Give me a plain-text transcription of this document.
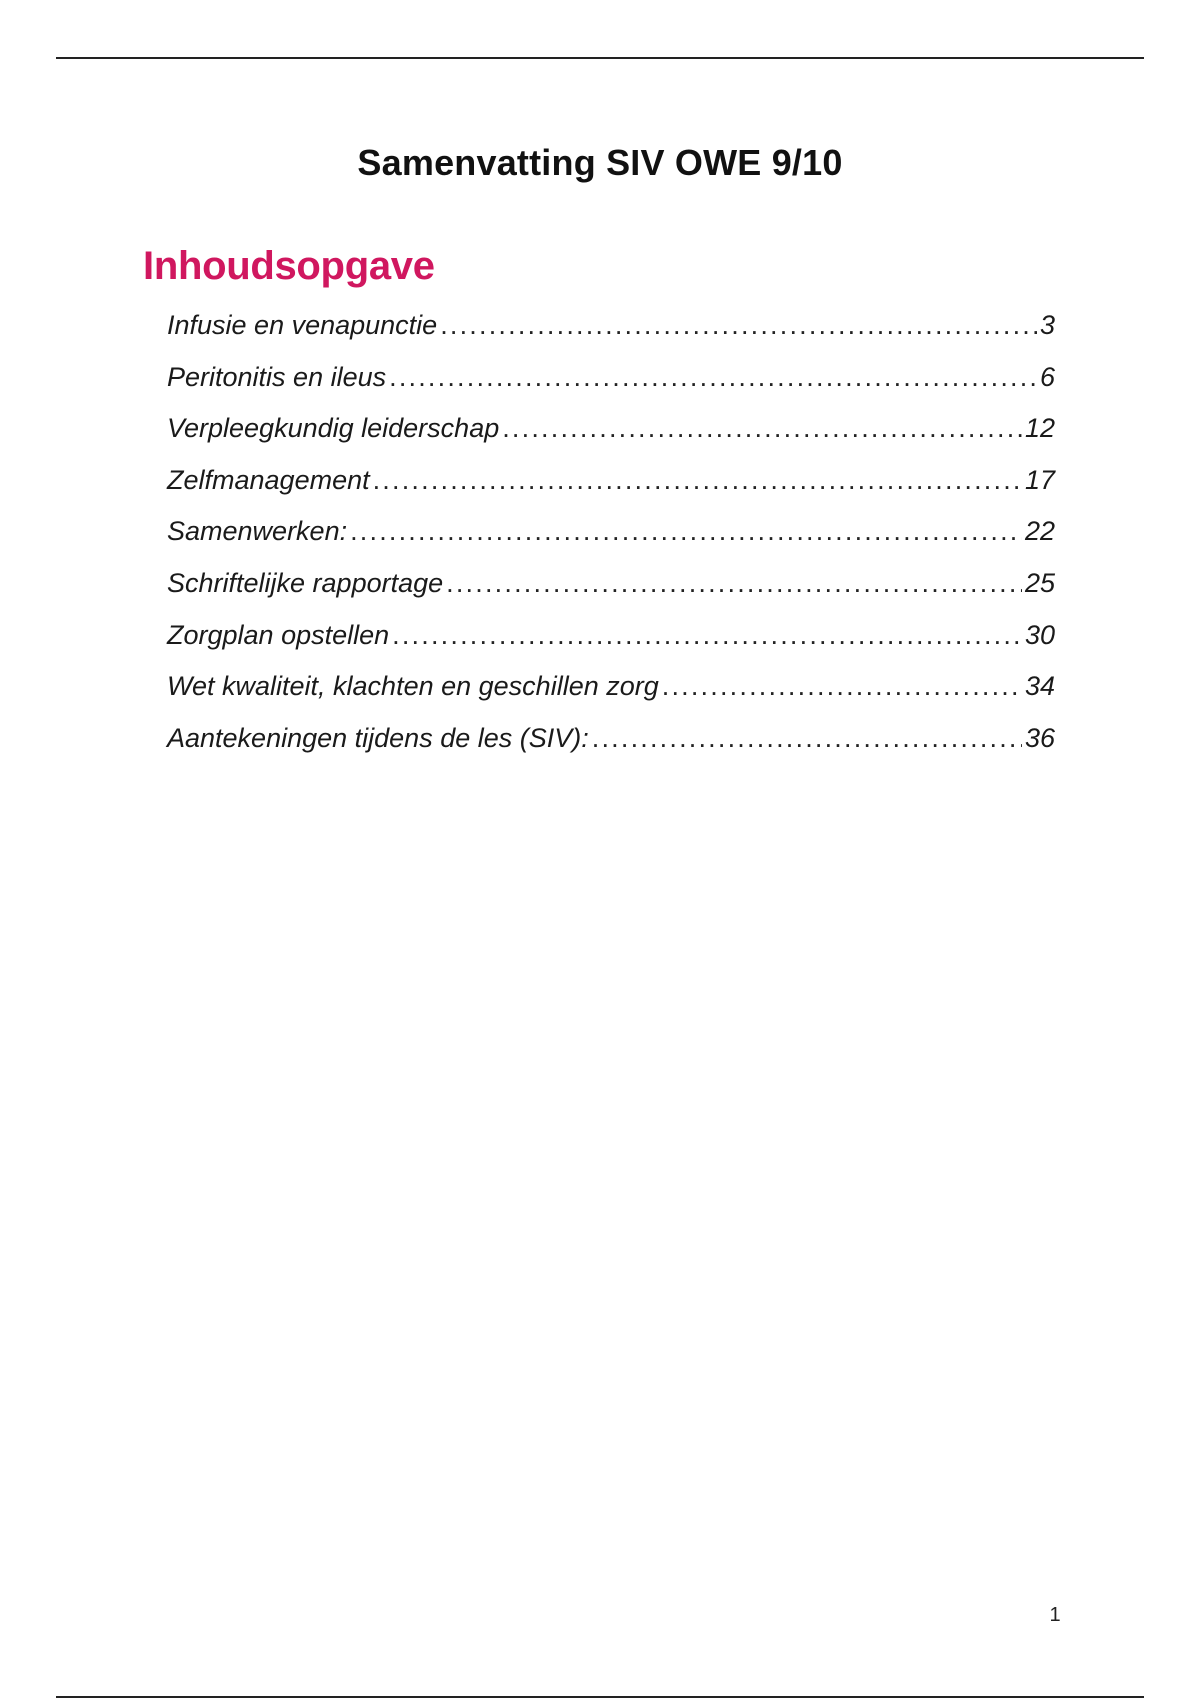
Samenvatting SIV OWE 9/10
Inhoudsopgave
Infusie en venapunctie .....	3
Peritonitis en ileus .....	6
Verpleegkundig leiderschap .....	12
Zelfmanagement .....	17
Samenwerken: .....	22
Schriftelijke rapportage .....	25
Zorgplan opstellen .....	30
Wet kwaliteit, klachten en geschillen zorg .....	34
Aantekeningen tijdens de les (SIV): .....	36
1
